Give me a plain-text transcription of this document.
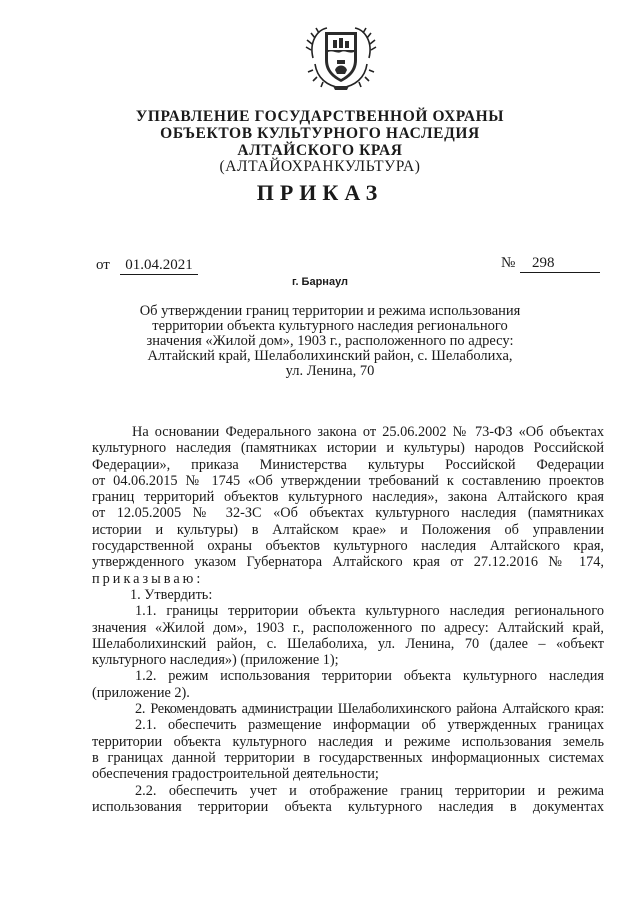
УПРАВЛЕНИЕ ГОСУДАРСТВЕННОЙ ОХРАНЫ
ОБЪЕКТОВ КУЛЬТУРНОГО НАСЛЕДИЯ
АЛТАЙСКОГО КРАЯ
(АЛТАЙОХРАНКУЛЬТУРА)
ПРИКАЗ
от	01.04.2021	№	298
г. Барнаул
Об утверждении границ территории и режима использования
территории объекта культурного наследия регионального
значения «Жилой дом», 1903 г., расположенного по адресу:
Алтайский край, Шелаболихинский район, с. Шелаболиха,
ул. Ленина, 70
На основании Федерального закона от 25.06.2002 № 73-ФЗ «Об объектах
культурного наследия (памятниках истории и культуры) народов Российской
Федерации», приказа Министерства культуры Российской Федерации
от 04.06.2015 № 1745 «Об утверждении требований к составлению проектов
границ территорий объектов культурного наследия», закона Алтайского края
от 12.05.2005 № 32-ЗС «Об объектах культурного наследия (памятниках
истории и культуры) в Алтайском крае» и Положения об управлении
государственной охраны объектов культурного наследия Алтайского края,
утвержденного указом Губернатора Алтайского края от 27.12.2016 № 174,
приказываю:
1. Утвердить:
1.1. границы территории объекта культурного наследия регионального
значения «Жилой дом», 1903 г., расположенного по адресу: Алтайский край,
Шелаболихинский район, с. Шелаболиха, ул. Ленина, 70 (далее – «объект
культурного наследия») (приложение 1);
1.2. режим использования территории объекта культурного наследия
(приложение 2).
2. Рекомендовать администрации Шелаболихинского района Алтайского края:
2.1. обеспечить размещение информации об утвержденных границах
территории объекта культурного наследия и режиме использования земель
в границах данной территории в государственных информационных системах
обеспечения градостроительной деятельности;
2.2. обеспечить учет и отображение границ территории и режима
использования территории объекта культурного наследия в документах
